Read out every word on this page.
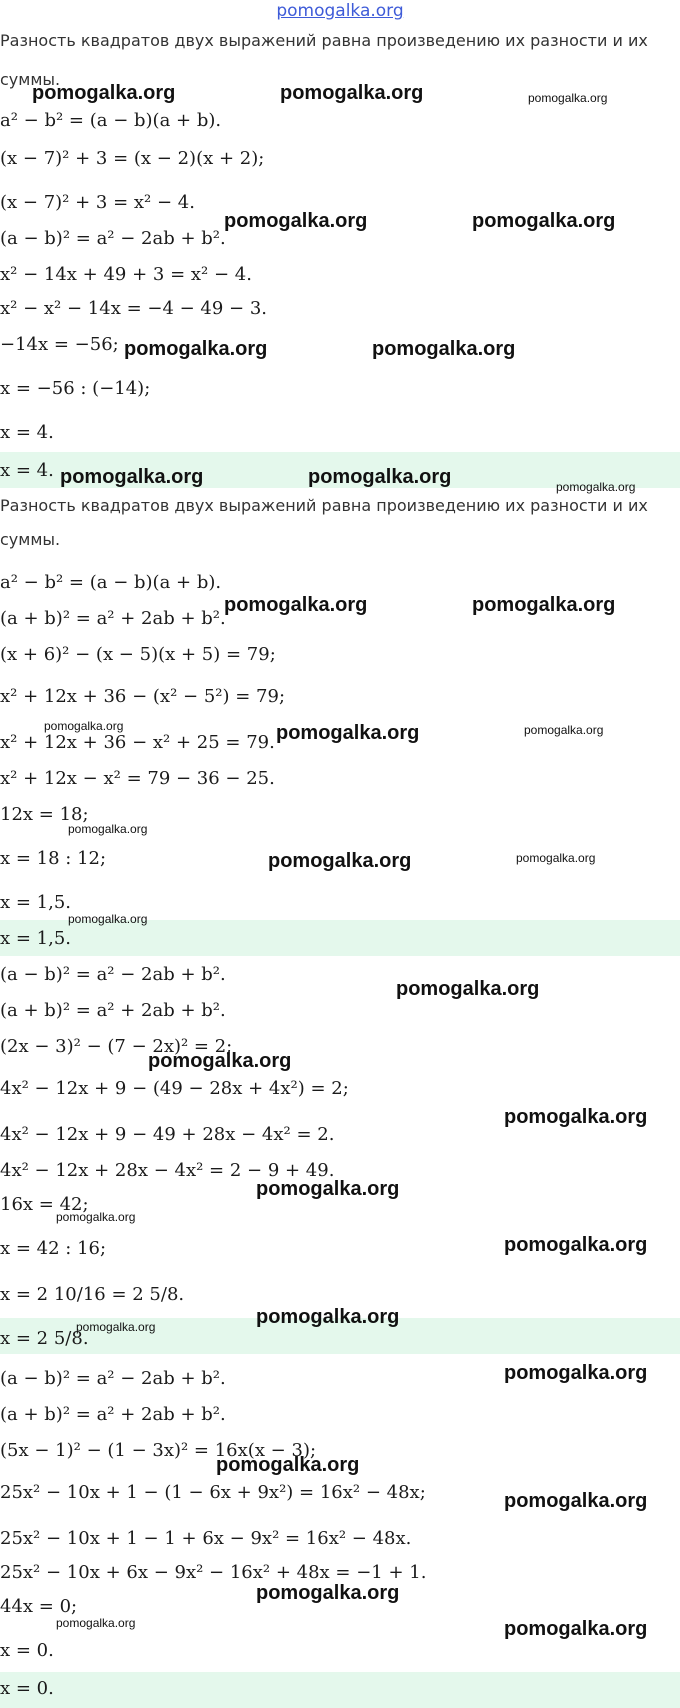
pomogalka.org
Разность квадратов двух выражений равна произведению их разности и их
суммы.
a² − b² = (a − b)(a + b).
(x − 7)² + 3 = (x − 2)(x + 2);
(x − 7)² + 3 = x² − 4.
(a − b)² = a² − 2ab + b².
x² − 14x + 49 + 3 = x² − 4.
x² − x² − 14x = −4 − 49 − 3.
−14x = −56;
x = −56 : (−14);
x = 4.
x = 4.
Разность квадратов двух выражений равна произведению их разности и их
суммы.
a² − b² = (a − b)(a + b).
(a + b)² = a² + 2ab + b².
(x + 6)² − (x − 5)(x + 5) = 79;
x² + 12x + 36 − (x² − 5²) = 79;
x² + 12x + 36 − x² + 25 = 79.
x² + 12x − x² = 79 − 36 − 25.
12x = 18;
x = 18 : 12;
x = 1,5.
x = 1,5.
(a − b)² = a² − 2ab + b².
(a + b)² = a² + 2ab + b².
(2x − 3)² − (7 − 2x)² = 2;
4x² − 12x + 9 − (49 − 28x + 4x²) = 2;
4x² − 12x + 9 − 49 + 28x − 4x² = 2.
4x² − 12x + 28x − 4x² = 2 − 9 + 49.
16x = 42;
x = 42 : 16;
x = 2 10/16 = 2 5/8.
x = 2 5/8.
(a − b)² = a² − 2ab + b².
(a + b)² = a² + 2ab + b².
(5x − 1)² − (1 − 3x)² = 16x(x − 3);
25x² − 10x + 1 − (1 − 6x + 9x²) = 16x² − 48x;
25x² − 10x + 1 − 1 + 6x − 9x² = 16x² − 48x.
25x² − 10x + 6x − 9x² − 16x² + 48x = −1 + 1.
44x = 0;
x = 0.
x = 0.
pomogalka.org	pomogalka.org	pomogalka.org
pomogalka.org	pomogalka.org
pomogalka.org	pomogalka.org
pomogalka.org	pomogalka.org	pomogalka.org
pomogalka.org	pomogalka.org
pomogalka.org	pomogalka.org	pomogalka.org
pomogalka.org
pomogalka.org	pomogalka.org
pomogalka.org
pomogalka.org
pomogalka.org
pomogalka.org
pomogalka.org
pomogalka.org
pomogalka.org
pomogalka.org
pomogalka.org
pomogalka.org
pomogalka.org
pomogalka.org
pomogalka.org
pomogalka.org	pomogalka.org
